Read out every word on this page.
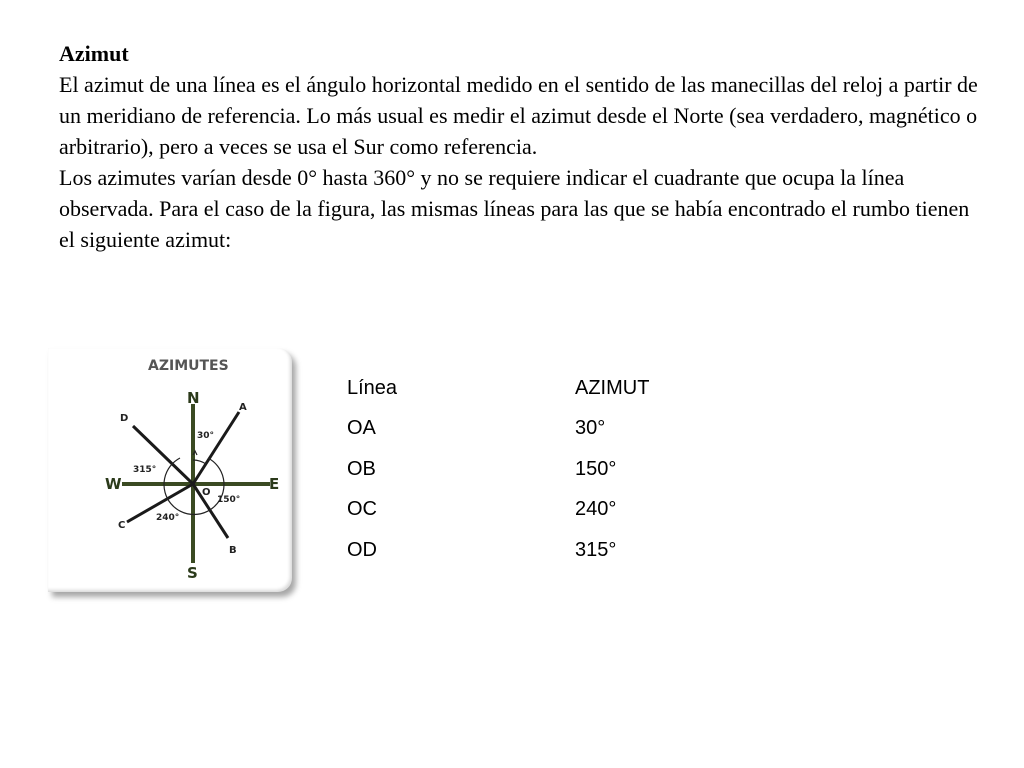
Azimut

El azimut de una línea es el ángulo horizontal medido en el sentido de las manecillas del reloj a partir de un meridiano de referencia. Lo más usual es medir el azimut desde el Norte (sea verdadero, magnético o arbitrario), pero a veces se usa el Sur como referencia.

Los azimutes varían desde 0° hasta 360° y no se requiere indicar el cuadrante que ocupa la línea observada. Para el caso de la figura, las mismas líneas para las que se había encontrado el rumbo tienen el siguiente azimut:

AZIMUTES
N
S
E
W
A
B
C
D
O
30°
150°
240°
315°
Línea	AZIMUT
OA	30°
OB	150°
OC	240°
OD	315°
